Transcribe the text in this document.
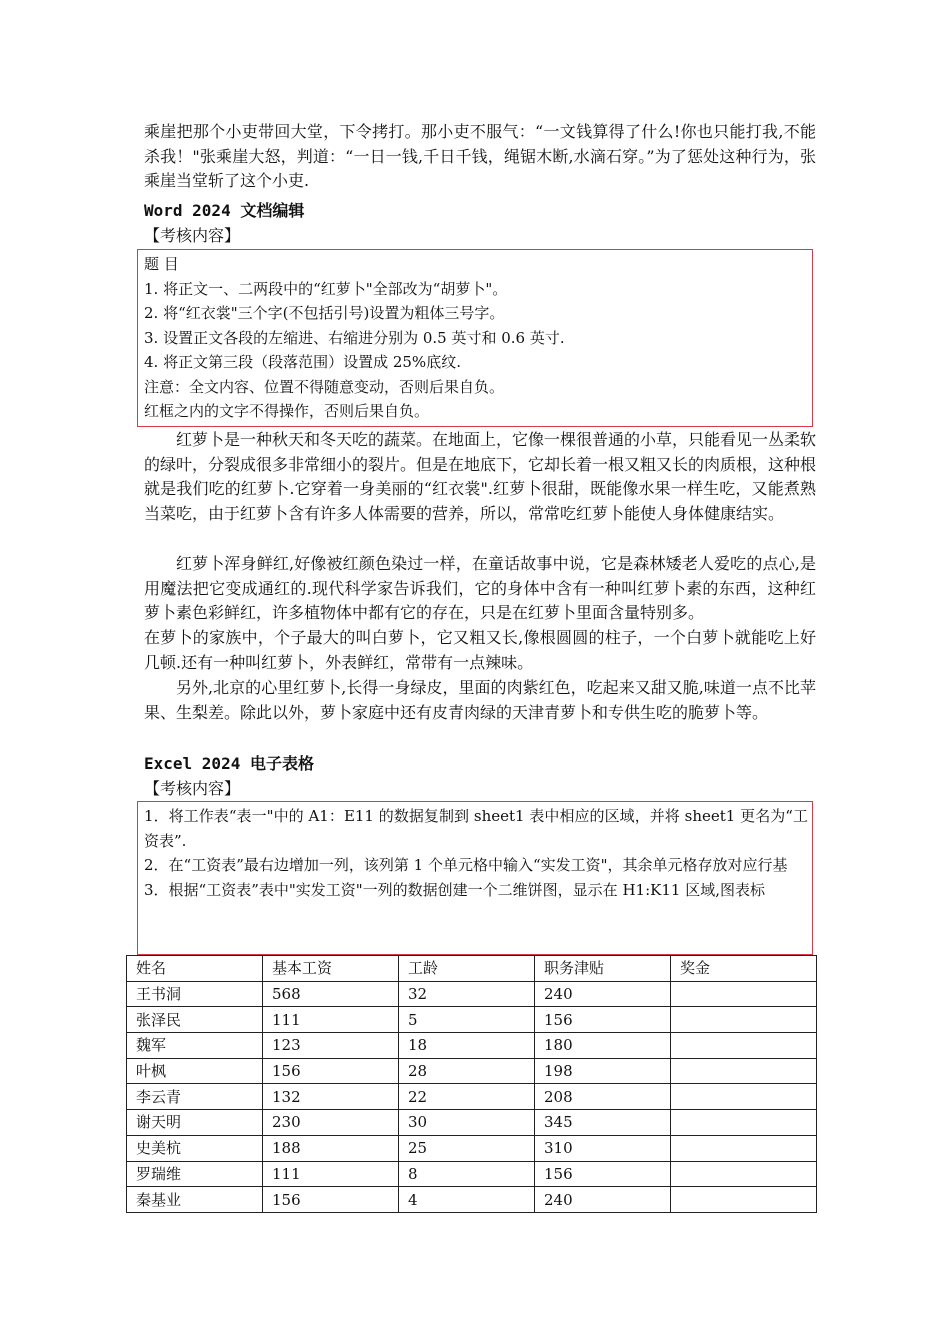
乘崖把那个小吏带回大堂，下令拷打。那小吏不服气：“一文钱算得了什么!你也只能打我,不能杀我！"张乘崖大怒，判道：“一日一钱,千日千钱，绳锯木断,水滴石穿。”为了惩处这种行为，张乘崖当堂斩了这个小吏.

Word 2024 文档编辑

【考核内容】

题 目

1. 将正文一、二两段中的“红萝卜"全部改为“胡萝卜"。

2. 将“红衣裳"三个字(不包括引号)设置为粗体三号字。

3. 设置正文各段的左缩进、右缩进分别为 0.5 英寸和 0.6 英寸.

4. 将正文第三段（段落范围）设置成 25%底纹.

注意：全文内容、位置不得随意变动，否则后果自负。

红框之内的文字不得操作，否则后果自负。

红萝卜是一种秋天和冬天吃的蔬菜。在地面上，它像一棵很普通的小草，只能看见一丛柔软的绿叶，分裂成很多非常细小的裂片。但是在地底下，它却长着一根又粗又长的肉质根，这种根就是我们吃的红萝卜.它穿着一身美丽的“红衣裳".红萝卜很甜，既能像水果一样生吃，又能煮熟当菜吃，由于红萝卜含有许多人体需要的营养，所以，常常吃红萝卜能使人身体健康结实。

红萝卜浑身鲜红,好像被红颜色染过一样，在童话故事中说，它是森林矮老人爱吃的点心,是用魔法把它变成通红的.现代科学家告诉我们，它的身体中含有一种叫红萝卜素的东西，这种红萝卜素色彩鲜红，许多植物体中都有它的存在，只是在红萝卜里面含量特别多。

在萝卜的家族中，个子最大的叫白萝卜，它又粗又长,像根圆圆的柱子，一个白萝卜就能吃上好几顿.还有一种叫红萝卜，外表鲜红，常带有一点辣味。

另外,北京的心里红萝卜,长得一身绿皮，里面的肉紫红色，吃起来又甜又脆,味道一点不比苹果、生梨差。除此以外，萝卜家庭中还有皮青肉绿的天津青萝卜和专供生吃的脆萝卜等。

Excel 2024 电子表格

【考核内容】

1．将工作表“表一"中的 A1：E11 的数据复制到 sheet1 表中相应的区域，并将 sheet1 更名为“工资表”.

2．在“工资表”最右边增加一列，该列第 1 个单元格中输入“实发工资"，其余单元格存放对应行基

3．根据“工资表”表中"实发工资"一列的数据创建一个二维饼图，显示在 H1:K11 区域,图表标

姓名	基本工资	工龄	职务津贴	奖金
王书洞	568	32	240	
张泽民	111	5	156	
魏军	123	18	180	
叶枫	156	28	198	
李云青	132	22	208	
谢天明	230	30	345	
史美杭	188	25	310	
罗瑞维	111	8	156	
秦基业	156	4	240	
